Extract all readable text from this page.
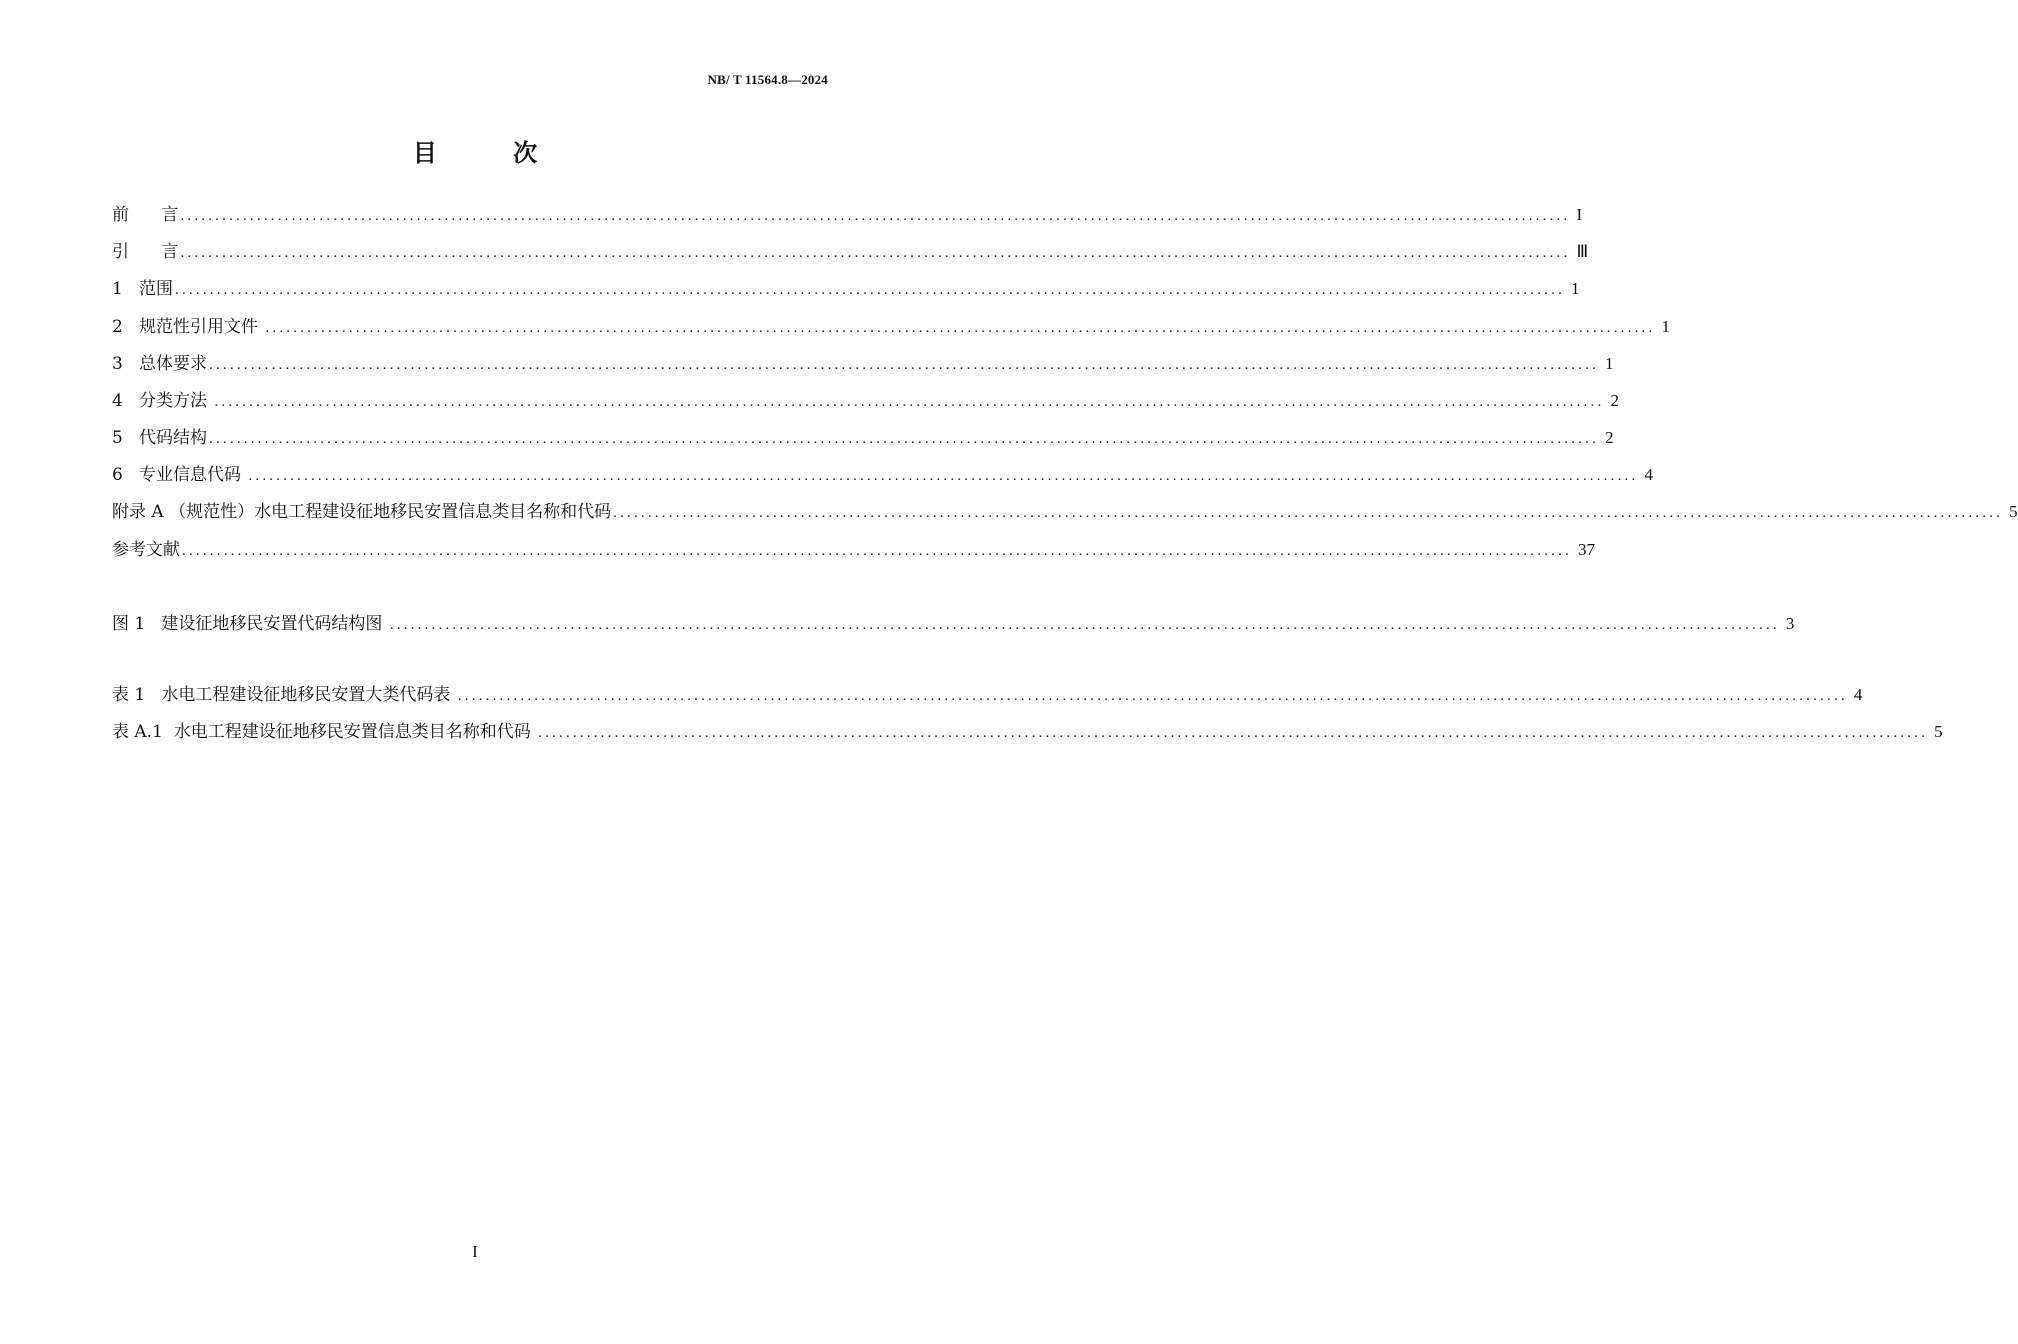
NB/ T 11564.8—2024
目 次
前      言 ........................................................................................................................................................................................................ I
引      言 ........................................................................................................................................................................................................ Ⅲ
1   范围 ........................................................................................................................................................................................................ 1
2   规范性引用文件 ........................................................................................................................................................................................................ 1
3   总体要求 ........................................................................................................................................................................................................ 1
4   分类方法 ........................................................................................................................................................................................................ 2
5   代码结构 ........................................................................................................................................................................................................ 2
6   专业信息代码 ........................................................................................................................................................................................................ 4
附录 A （规范性）水电工程建设征地移民安置信息类目名称和代码 ........................................................................................................................................................................................................ 5
参考文献 ........................................................................................................................................................................................................ 37
图 1   建设征地移民安置代码结构图 ........................................................................................................................................................................................................ 3
表 1   水电工程建设征地移民安置大类代码表 ........................................................................................................................................................................................................ 4
表 A.1  水电工程建设征地移民安置信息类目名称和代码 ........................................................................................................................................................................................................ 5
I
